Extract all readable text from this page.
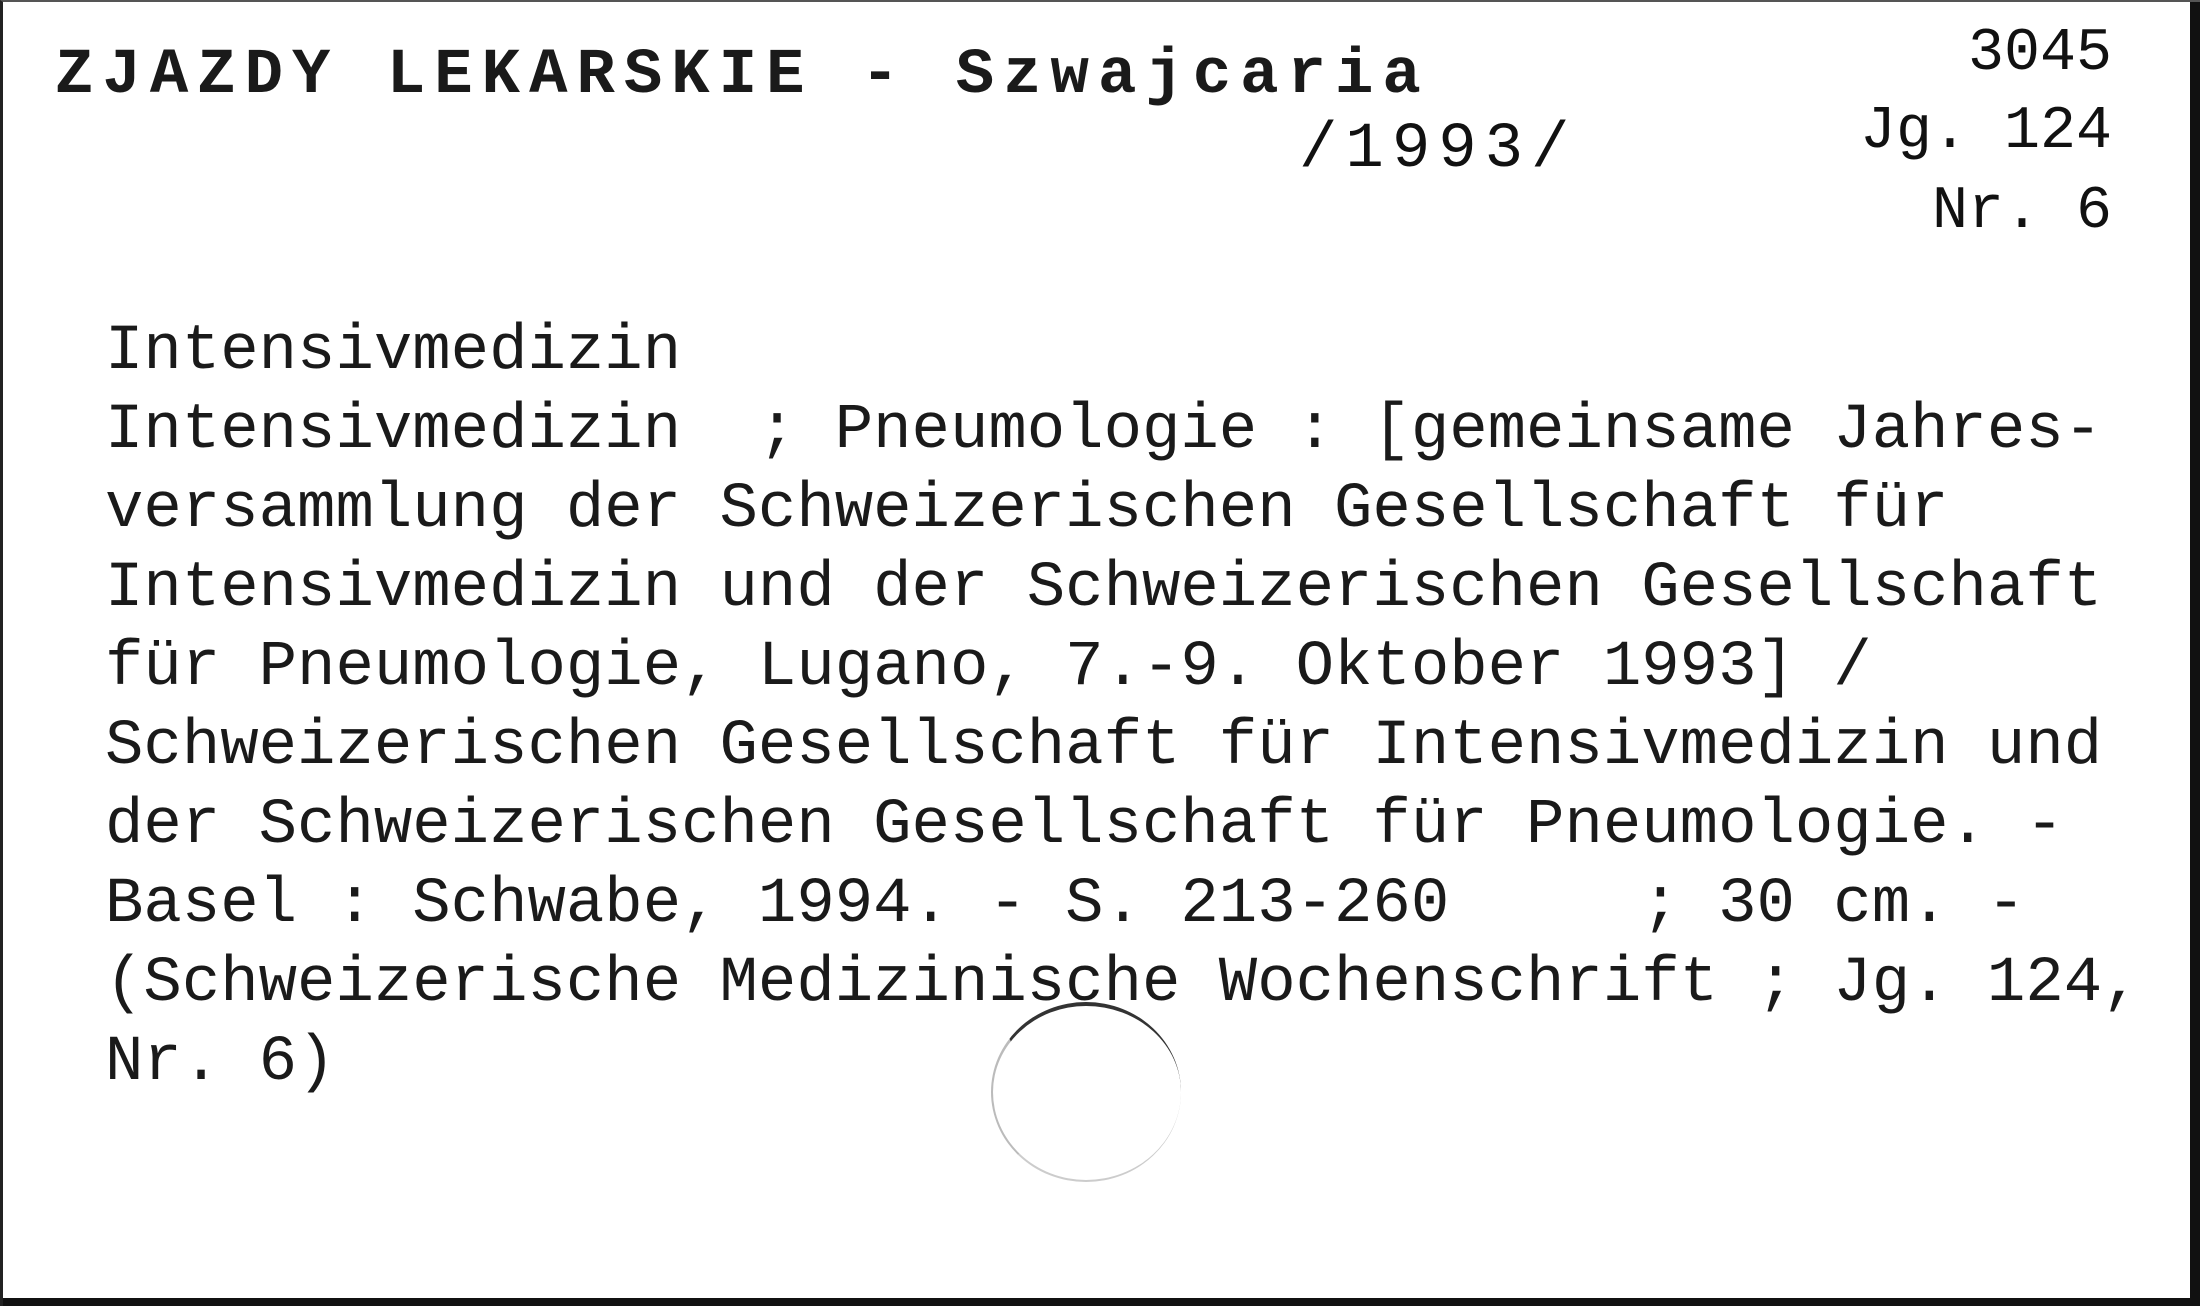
ZJAZDY LEKARSKIE - Szwajcaria
/1993/
3045
Jg. 124
Nr. 6
Intensivmedizin
Intensivmedizin  ; Pneumologie : [gemeinsame Jahres-
versammlung der Schweizerischen Gesellschaft für
Intensivmedizin und der Schweizerischen Gesellschaft
für Pneumologie, Lugano, 7.-9. Oktober 1993] /
Schweizerischen Gesellschaft für Intensivmedizin und
der Schweizerischen Gesellschaft für Pneumologie. -
Basel : Schwabe, 1994. - S. 213-260     ; 30 cm. -
(Schweizerische Medizinische Wochenschrift ; Jg. 124,
Nr. 6)
